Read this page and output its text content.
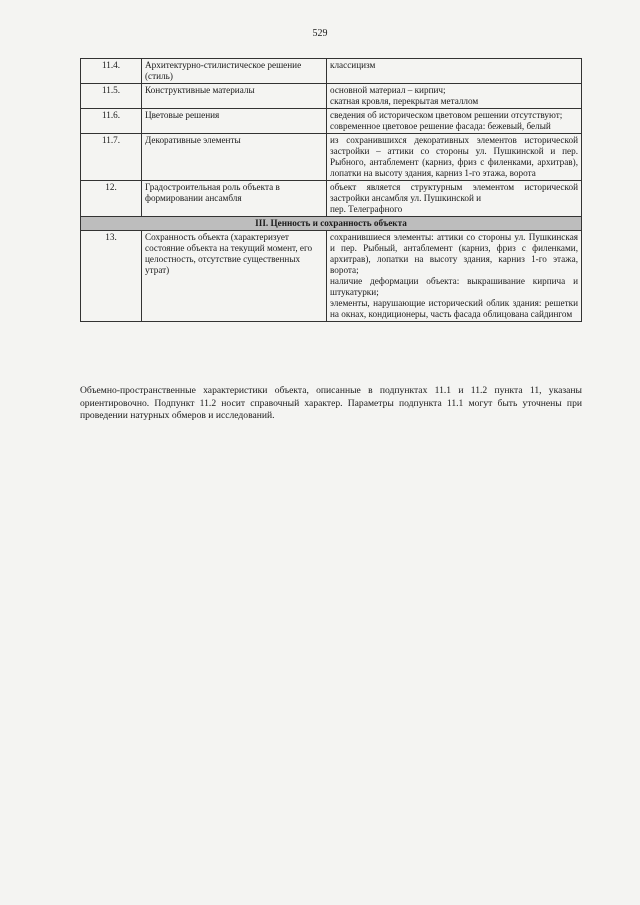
529
11.4.	Архитектурно-стилистическое решение (стиль)	классицизм

11.5.	Конструктивные материалы	основной материал – кирпич;

скатная кровля, перекрытая металлом

11.6.	Цветовые решения	сведения об историческом цветовом решении отсутствуют;

современное цветовое решение фасада: бежевый, белый

11.7.	Декоративные элементы	из сохранившихся декоративных элементов исторической застройки – аттики со стороны ул. Пушкинской и пер. Рыбного, антаблемент (карниз, фриз с филенками, архитрав), лопатки на высоту здания, карниз 1-го этажа, ворота

12.	Градостроительная роль объекта в формировании ансамбля	объект является структурным элементом исторической застройки ансамбля ул. Пушкинской и

пер. Телеграфного

III. Ценность и сохранность объекта		
13.	Сохранность объекта (характеризует состояние объекта на текущий момент, его целостность, отсутствие существенных утрат)	сохранившиеся элементы: аттики со стороны ул. Пушкинская и пер. Рыбный, антаблемент (карниз, фриз с филенками, архитрав), лопатки на высоту здания, карниз 1-го этажа, ворота;

наличие деформации объекта: выкрашивание кирпича и штукатурки;

элементы, нарушающие исторический облик здания: решетки на окнах, кондиционеры, часть фасада облицована сайдингом

Объемно-пространственные характеристики объекта, описанные в подпунктах 11.1 и 11.2 пункта 11, указаны ориентировочно. Подпункт 11.2 носит справочный характер. Параметры подпункта 11.1 могут быть уточнены при проведении натурных обмеров и исследований.
